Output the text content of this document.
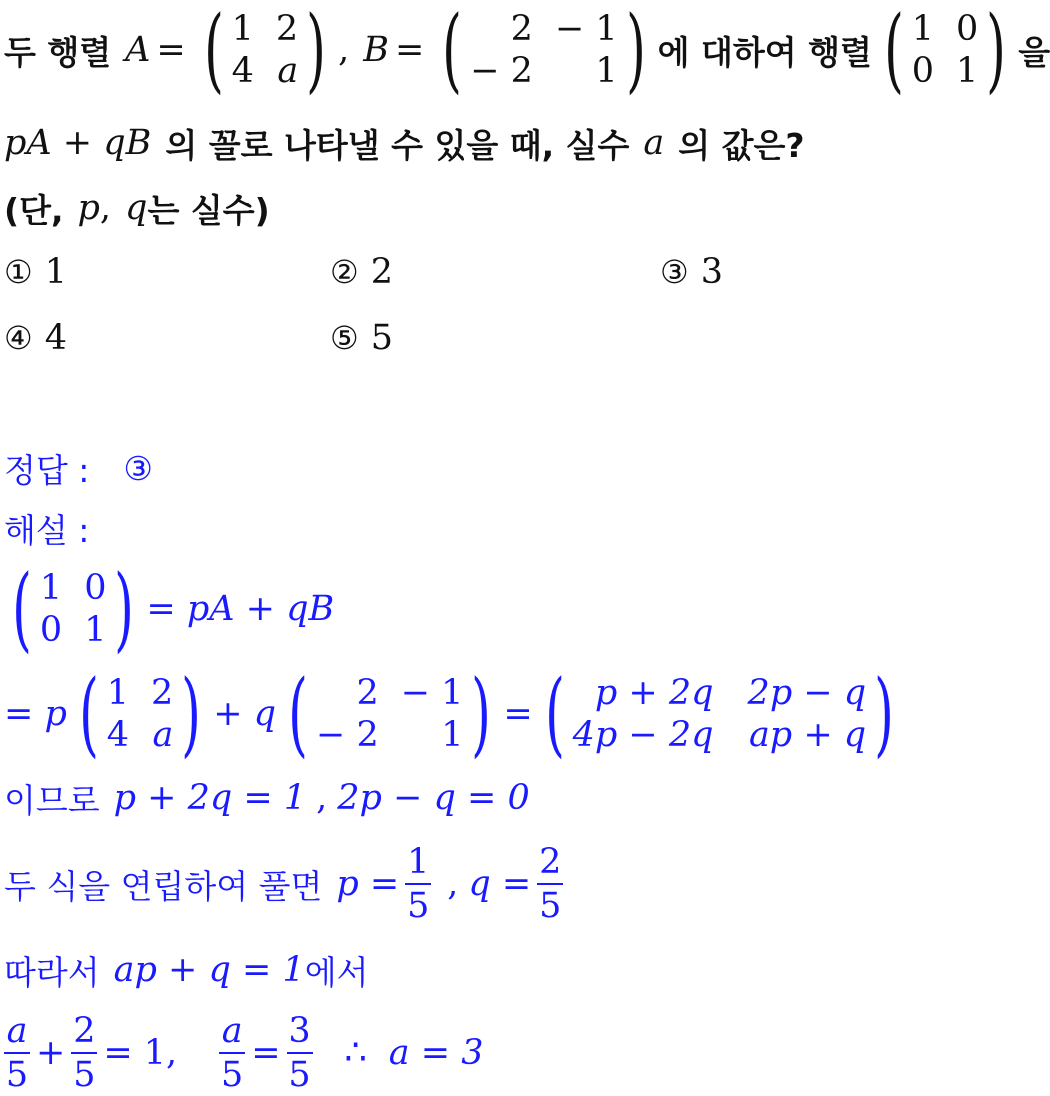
두 행렬 A = ( 1 2
4 a ) , B = (	2 − 1
− 2	1 ) 에 대하여 행렬 ( 1 0
0 1 ) 을
pA + qB 의 꼴로 나타낼 수 있을 때, 실수 a 의 값은?
(단, p , q 는 실수)
① 1	② 2	③ 3
④ 4	⑤ 5
정답 : ③
해설 :
( 1 0
0 1 ) = pA + qB
= p ( 1 2
4 a ) + q (	2 − 1
− 2	1 ) = ( p + 2q 2p − q
4p − 2q ap + q )
이므로 p + 2q = 1 , 2p − q = 0
두 식을 연립하여 풀면 $p = \frac{1}{5}$ , $q = \frac{2}{5}$
따라서 ap + q = 1 에서
$\frac{a}{5} + \frac{2}{5} = 1$, $\frac{a}{5} = \frac{3}{5}$ ∴ a = 3
